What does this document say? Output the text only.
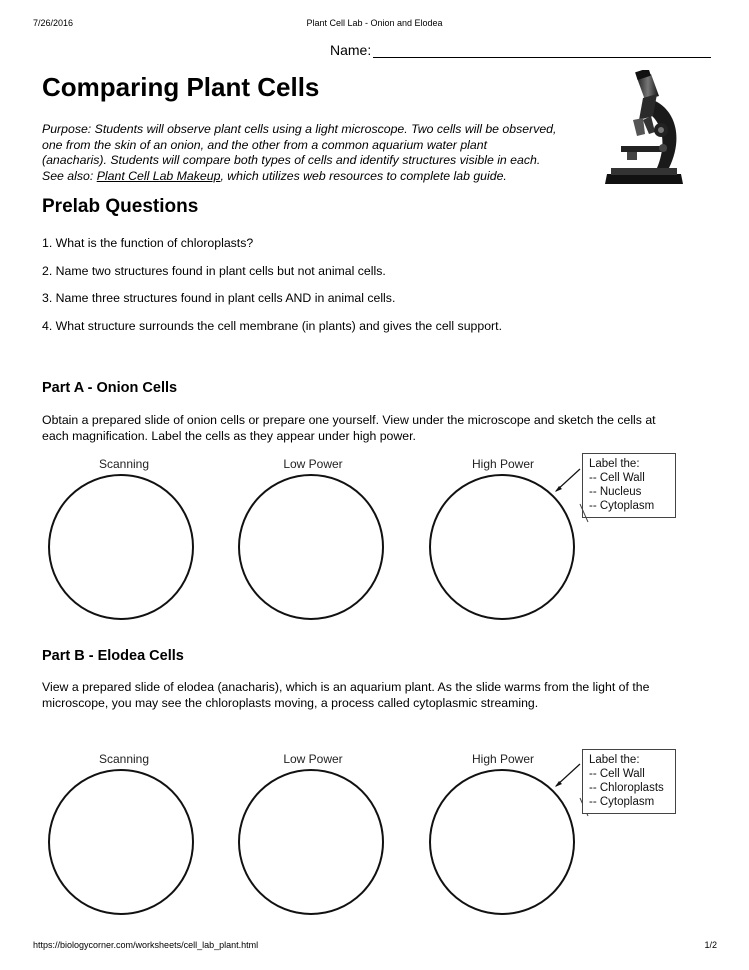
7/26/2016	Plant Cell Lab - Onion and Elodea
Name:
Comparing Plant Cells
Purpose: Students will observe plant cells using a light microscope. Two cells will be observed,
one from the skin of an onion, and the other from a common aquarium water plant
(anacharis). Students will compare both types of cells and identify structures visible in each.
See also: Plant Cell Lab Makeup, which utilizes web resources to complete lab guide.
Prelab Questions

1. What is the function of chloroplasts?

2. Name two structures found in plant cells but not animal cells.

3. Name three structures found in plant cells AND in animal cells.

4. What structure surrounds the cell membrane (in plants) and gives the cell support.

Part A - Onion Cells
Obtain a prepared slide of onion cells or prepare one yourself. View under the microscope and sketch the cells at
each magnification. Label the cells as they appear under high power.
Scanning	Low Power	High Power	Label the:
-- Cell Wall
-- Nucleus
-- Cytoplasm
Part B - Elodea Cells
View a prepared slide of elodea (anacharis), which is an aquarium plant. As the slide warms from the light of the
microscope, you may see the chloroplasts moving, a process called cytoplasmic streaming.
Scanning	Low Power	High Power	Label the:
-- Cell Wall
-- Chloroplasts
-- Cytoplasm
https://biologycorner.com/worksheets/cell_lab_plant.html	1/2
